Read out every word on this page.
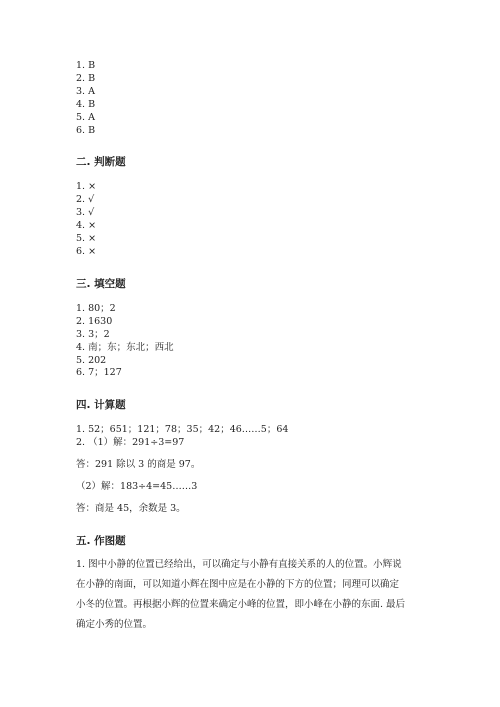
1. B
2. B
3. A
4. B
5. A
6. B
二. 判断题
1. ×
2. √
3. √
4. ×
5. ×
6. ×
三. 填空题
1. 80；2
2. 1630
3. 3；2
4. 南；东；东北；西北
5. 202
6. 7；127
四. 计算题
1. 52；651；121；78；35；42；46……5；64
2. （1）解：291÷3=97
答：291 除以 3 的商是 97。
（2）解：183÷4=45……3
答：商是 45，余数是 3。
五. 作图题
1. 图中小静的位置已经给出，可以确定与小静有直接关系的人的位置。小辉说
在小静的南面，可以知道小辉在图中应是在小静的下方的位置；同理可以确定
小冬的位置。再根据小辉的位置来确定小峰的位置，即小峰在小静的东面. 最后
确定小秀的位置。
